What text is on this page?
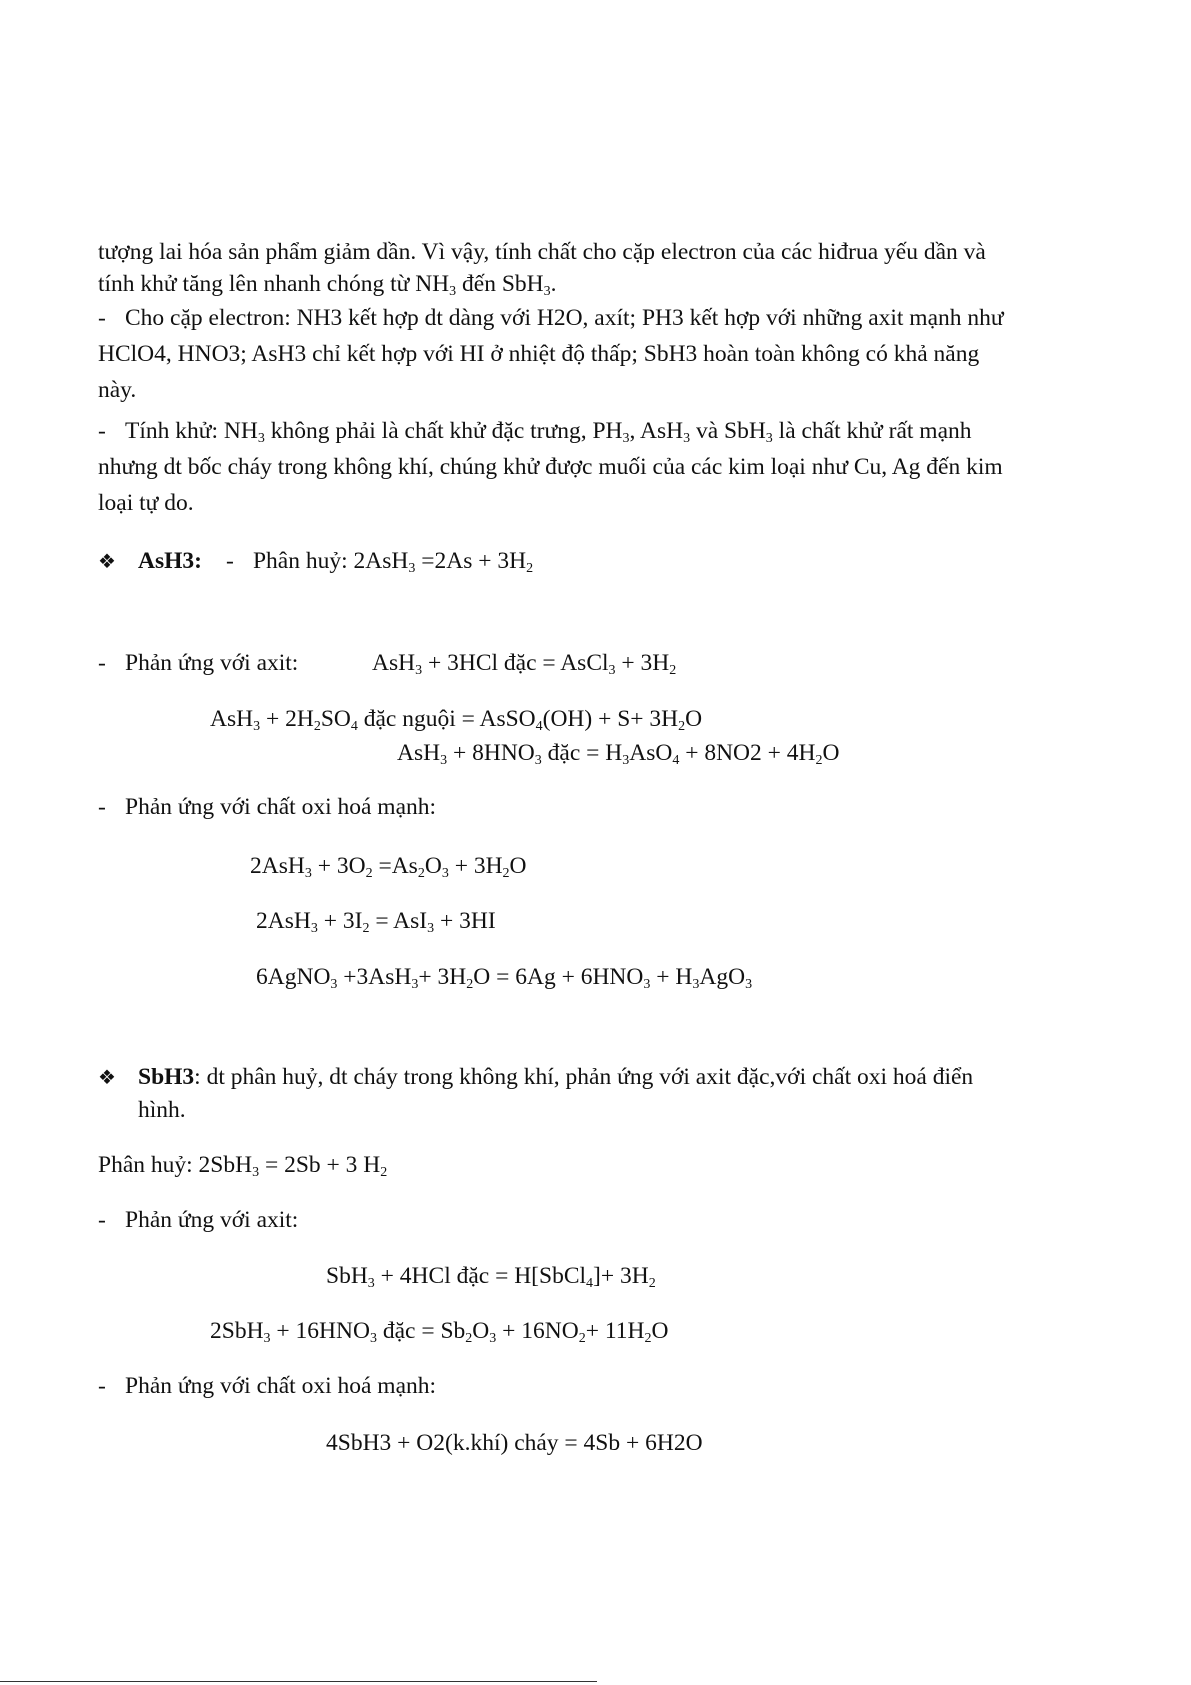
tượng lai hóa sản phẩm giảm dần. Vì vậy, tính chất cho cặp electron của các hiđrua yếu dần và
tính khử tăng lên nhanh chóng từ $NH_3$ đến SbH$_3$.
- Cho cặp electron: NH3 kết hợp dt dàng với H2O, axít; PH3 kết hợp với những axit mạnh như
HClO4, HNO3; AsH3 chỉ kết hợp với HI ở nhiệt độ thấp; SbH3 hoàn toàn không có khả năng
này.
- Tính khử: $NH_3$ không phải là chất khử đặc trưng, $PH_3$, AsH$_3$ và SbH$_3$ là chất khử rất mạnh
nhưng dt bốc cháy trong không khí, chúng khử được muối của các kim loại như Cu, Ag đến kim
loại tự do.
❖ AsH3: - Phân huỷ: $2AsH_3 =2As + 3H_2$
- Phản ứng với axit:	AsH$_3$ + 3HCl đặc = AsCl$_3$ + $3H_2$
$AsH_3 + 2H_2SO_4$ đặc nguội = AsSO$_4$(OH) + $S+ 3H_2O$
$AsH_3 + 8HNO_3$ đặc = $H_3AsO_4 + 8NO2 + 4H_2O$
- Phản ứng với chất oxi hoá mạnh:
$2AsH_3 + 3O_2 =As_2O_3 + 3H_2O$
$2AsH_3 + 3I_2 = AsI_3 + 3HI$
6AgNO$_3$ $+3AsH_3+ 3H_2O = 6Ag + 6HNO_3 + H_3AgO_3$
❖ SbH3: dt phân huỷ, dt cháy trong không khí, phản ứng với axit đặc,với chất oxi hoá điển
hình.
Phân huỷ: 2SbH$_3$ = 2Sb + 3 $H_2$
- Phản ứng với axit:
SbH$_3$ + 4HCl đặc = H[SbCl$_4$]+ $3H_2$
$2SbH_3 + 16HNO_3$ đặc = $Sb_2O_3 + 16NO_2+ 11H_2O$
- Phản ứng với chất oxi hoá mạnh:
4SbH3 + O2(k.khí) cháy = 4Sb + 6H2O
